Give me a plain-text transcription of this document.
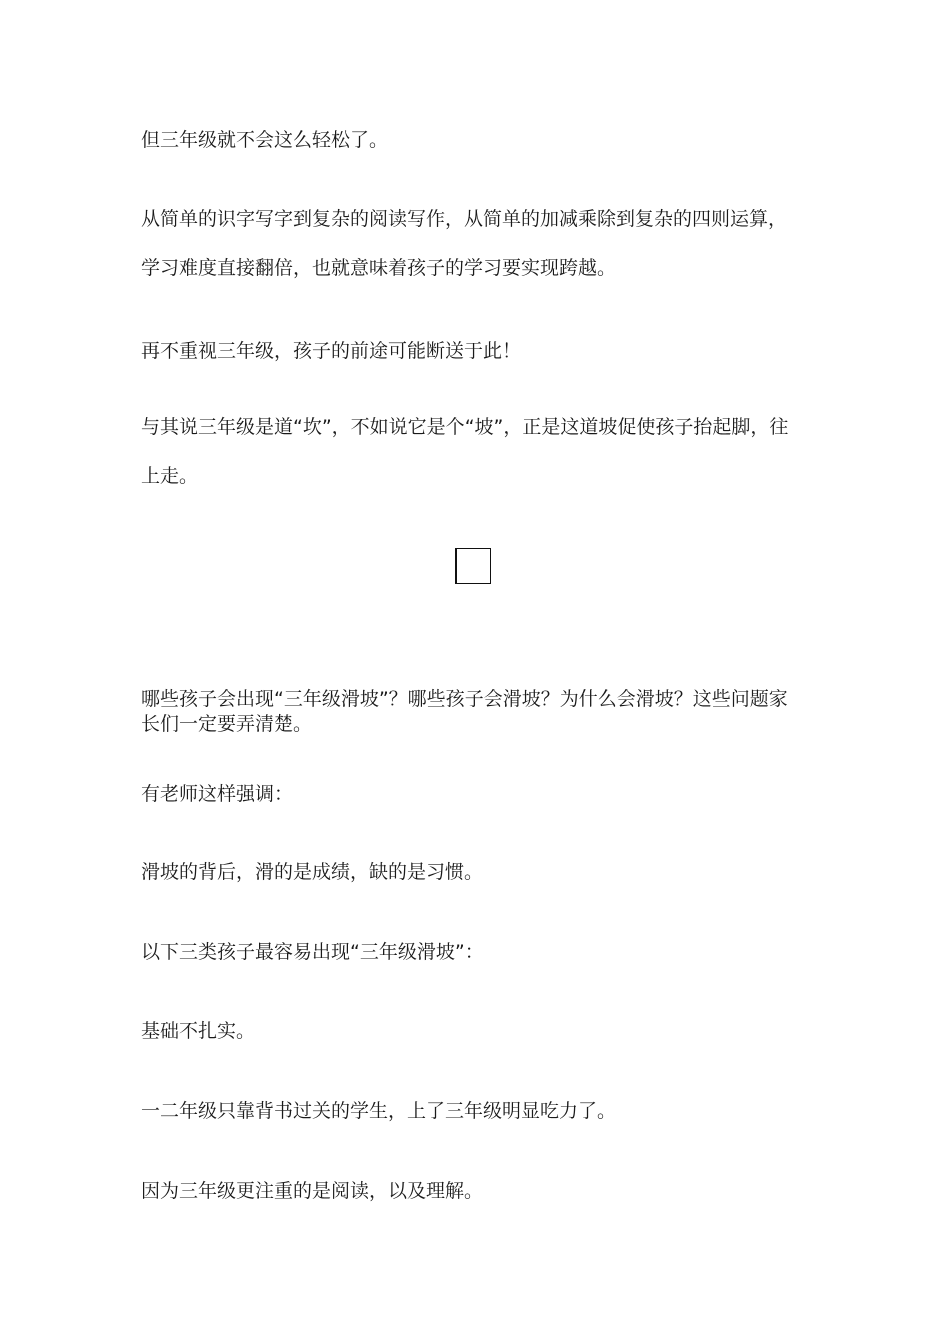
但三年级就不会这么轻松了。

从简单的识字写字到复杂的阅读写作，从简单的加减乘除到复杂的四则运算，学习难度直接翻倍，也就意味着孩子的学习要实现跨越。

再不重视三年级，孩子的前途可能断送于此！

与其说三年级是道“坎”，不如说它是个“坡”，正是这道坡促使孩子抬起脚，往上走。

哪些孩子会出现“三年级滑坡”？哪些孩子会滑坡？为什么会滑坡？这些问题家长们一定要弄清楚。

有老师这样强调：

滑坡的背后，滑的是成绩，缺的是习惯。

以下三类孩子最容易出现“三年级滑坡”：

基础不扎实。

一二年级只靠背书过关的学生，上了三年级明显吃力了。

因为三年级更注重的是阅读，以及理解。
